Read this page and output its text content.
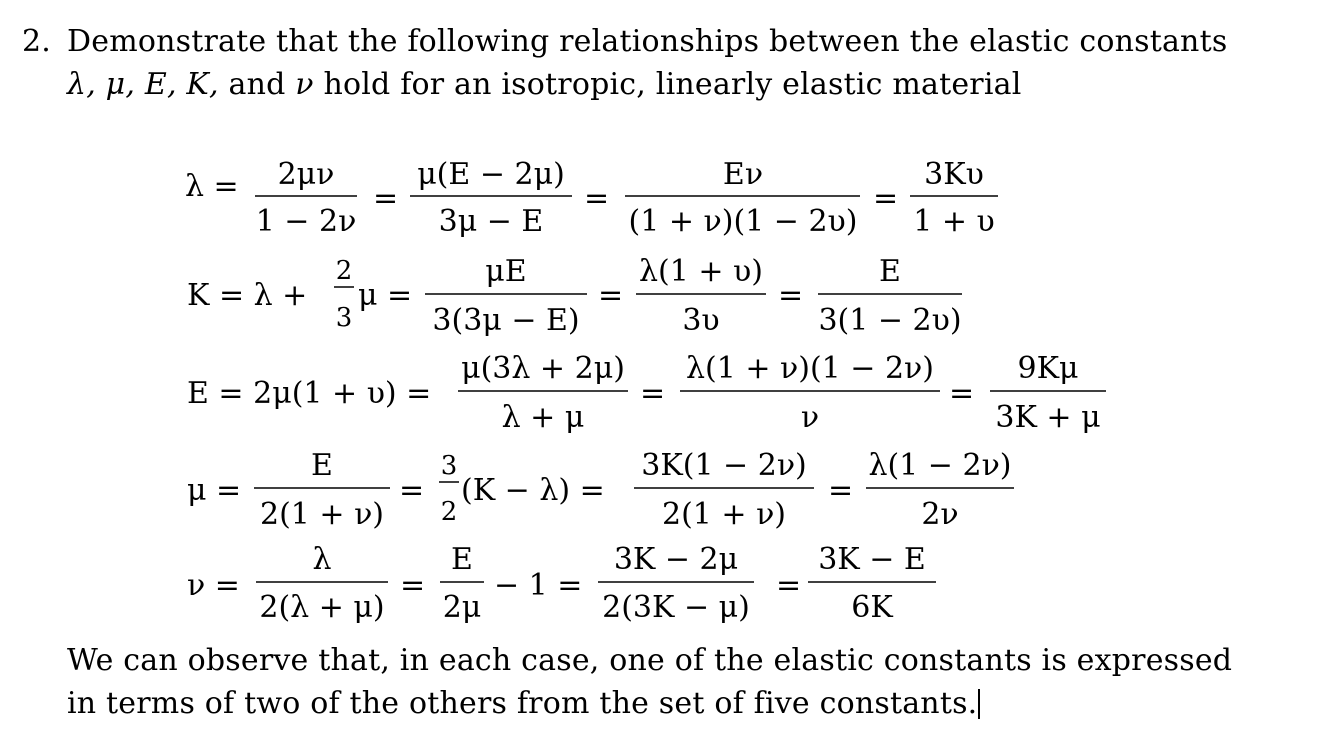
2. Demonstrate that the following relationships between the elastic constants
λ, μ, E, K, and ν hold for an isotropic, linearly elastic material
λ = 2μν
1 − 2ν
=
μ(E − 2μ)
3μ − E
=
Eν
(1 + ν)(1 − 2υ)
=
3Kυ
1 + υ
K = λ +
2
3
μ =
μE
3(3μ − E)
=
λ(1 + υ)
3υ
=
E
3(1 − 2υ)
E = 2μ(1 + υ) =
μ(3λ + 2μ)
λ + μ
=
λ(1 + ν)(1 − 2ν)
ν
=
9Kμ
3K + μ
μ =
E
2(1 + ν)
=
3
2
(K − λ) =
3K(1 − 2ν)
2(1 + ν)
=
λ(1 − 2ν)
2ν
ν =
λ
2(λ + μ)
=
E
2μ
− 1 =
3K − 2μ
2(3K − μ)
=
3K − E
6K
We can observe that, in each case, one of the elastic constants is expressed
in terms of two of the others from the set of five constants.
